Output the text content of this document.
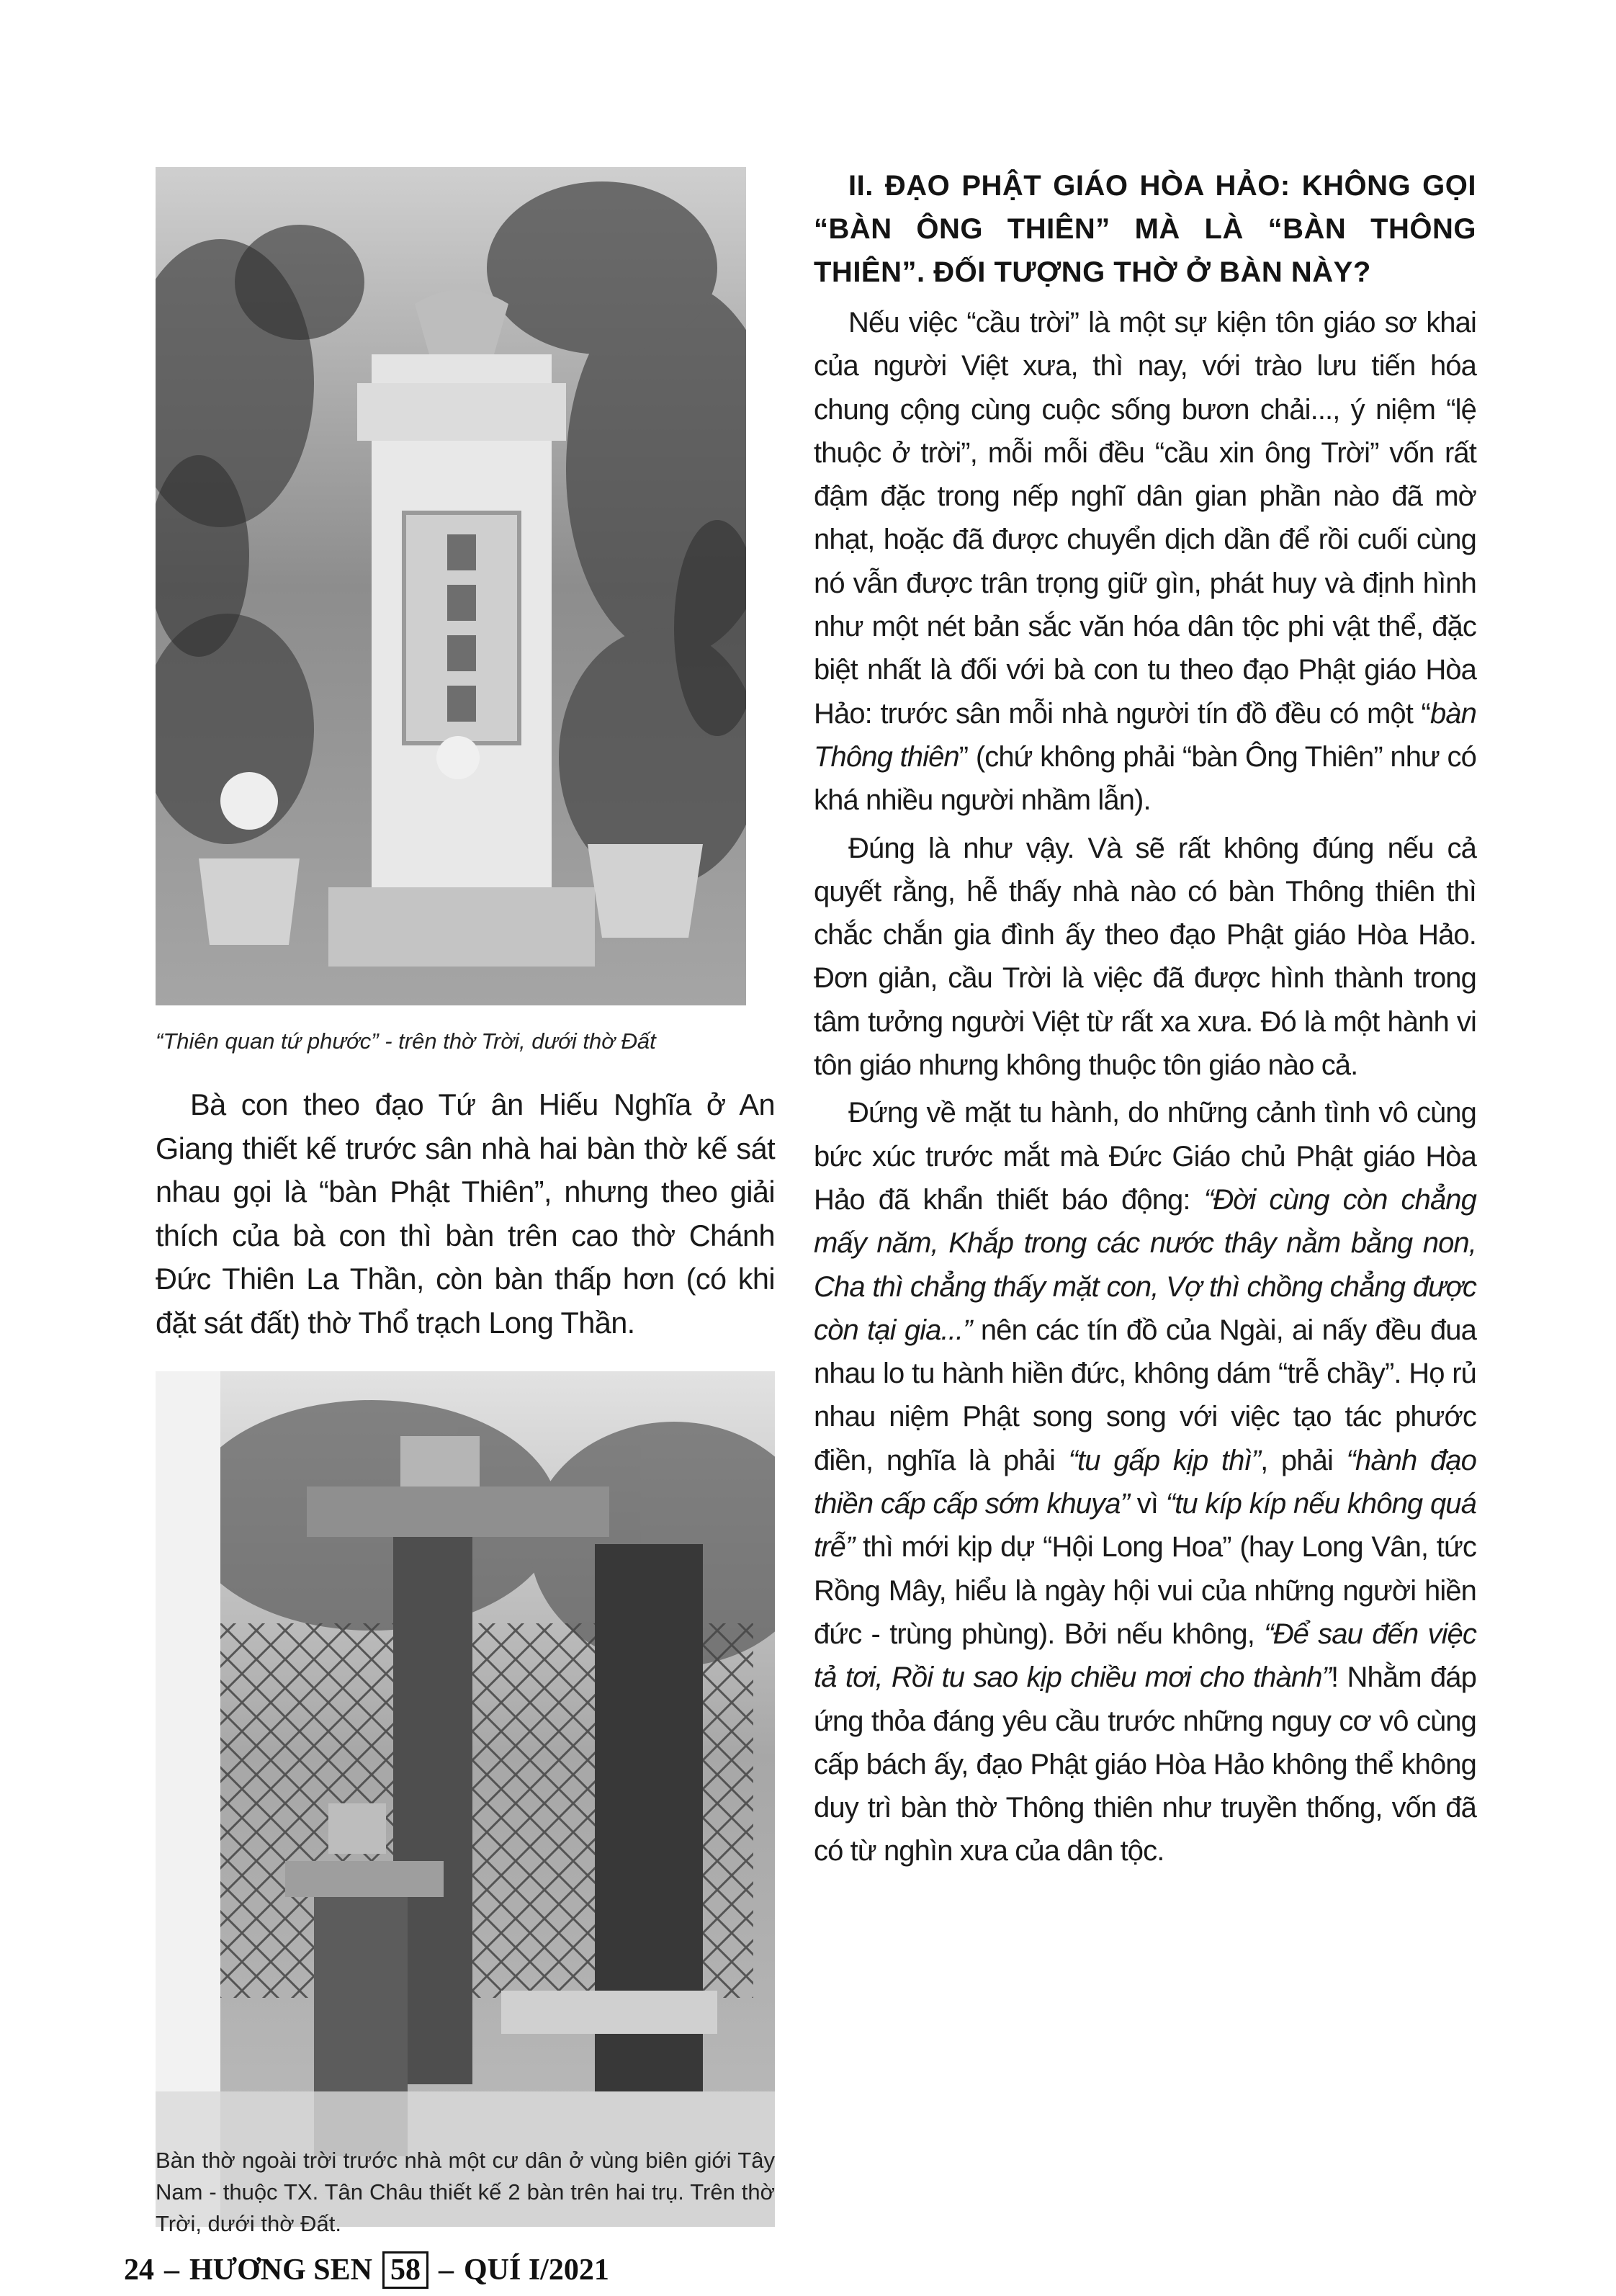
“Thiên quan tứ phước” - trên thờ Trời, dưới thờ Đất

Bà con theo đạo Tứ ân Hiếu Nghĩa ở An Giang thiết kế trước sân nhà hai bàn thờ kế sát nhau gọi là “bàn Phật Thiên”, nhưng theo giải thích của bà con thì bàn trên cao thờ Chánh Đức Thiên La Thần, còn bàn thấp hơn (có khi đặt sát đất) thờ Thổ trạch Long Thần.

Bàn thờ ngoài trời trước nhà một cư dân ở vùng biên giới Tây Nam - thuộc TX. Tân Châu thiết kế 2 bàn trên hai trụ. Trên thờ Trời, dưới thờ Đất.

II. ĐẠO PHẬT GIÁO HÒA HẢO: KHÔNG GỌI “BÀN ÔNG THIÊN” MÀ LÀ “BÀN THÔNG THIÊN”. ĐỐI TƯỢNG THỜ Ở BÀN NÀY?

Nếu việc “cầu trời” là một sự kiện tôn giáo sơ khai của người Việt xưa, thì nay, với trào lưu tiến hóa chung cộng cùng cuộc sống bươn chải..., ý niệm “lệ thuộc ở trời”, mỗi mỗi đều “cầu xin ông Trời” vốn rất đậm đặc trong nếp nghĩ dân gian phần nào đã mờ nhạt, hoặc đã được chuyển dịch dần để rồi cuối cùng nó vẫn được trân trọng giữ gìn, phát huy và định hình như một nét bản sắc văn hóa dân tộc phi vật thể, đặc biệt nhất là đối với bà con tu theo đạo Phật giáo Hòa Hảo: trước sân mỗi nhà người tín đồ đều có một “bàn Thông thiên” (chứ không phải “bàn Ông Thiên” như có khá nhiều người nhầm lẫn).

Đúng là như vậy. Và sẽ rất không đúng nếu cả quyết rằng, hễ thấy nhà nào có bàn Thông thiên thì chắc chắn gia đình ấy theo đạo Phật giáo Hòa Hảo. Đơn giản, cầu Trời là việc đã được hình thành trong tâm tưởng người Việt từ rất xa xưa. Đó là một hành vi tôn giáo nhưng không thuộc tôn giáo nào cả.

Đứng về mặt tu hành, do những cảnh tình vô cùng bức xúc trước mắt mà Đức Giáo chủ Phật giáo Hòa Hảo đã khẩn thiết báo động: “Đời cùng còn chẳng mấy năm, Khắp trong các nước thây nằm bằng non, Cha thì chẳng thấy mặt con, Vợ thì chồng chẳng được còn tại gia...” nên các tín đồ của Ngài, ai nấy đều đua nhau lo tu hành hiền đức, không dám “trễ chầy”. Họ rủ nhau niệm Phật song song với việc tạo tác phước điền, nghĩa là phải “tu gấp kịp thì”, phải “hành đạo thiền cấp cấp sớm khuya” vì “tu kíp kíp nếu không quá trễ” thì mới kịp dự “Hội Long Hoa” (hay Long Vân, tức Rồng Mây, hiểu là ngày hội vui của những người hiền đức - trùng phùng). Bởi nếu không, “Để sau đến việc tả tơi, Rồi tu sao kịp chiều mơi cho thành”! Nhằm đáp ứng thỏa đáng yêu cầu trước những nguy cơ vô cùng cấp bách ấy, đạo Phật giáo Hòa Hảo không thể không duy trì bàn thờ Thông thiên như truyền thống, vốn đã có từ nghìn xưa của dân tộc.

24 – HƯƠNG SEN 58 – QUÍ I/2021
